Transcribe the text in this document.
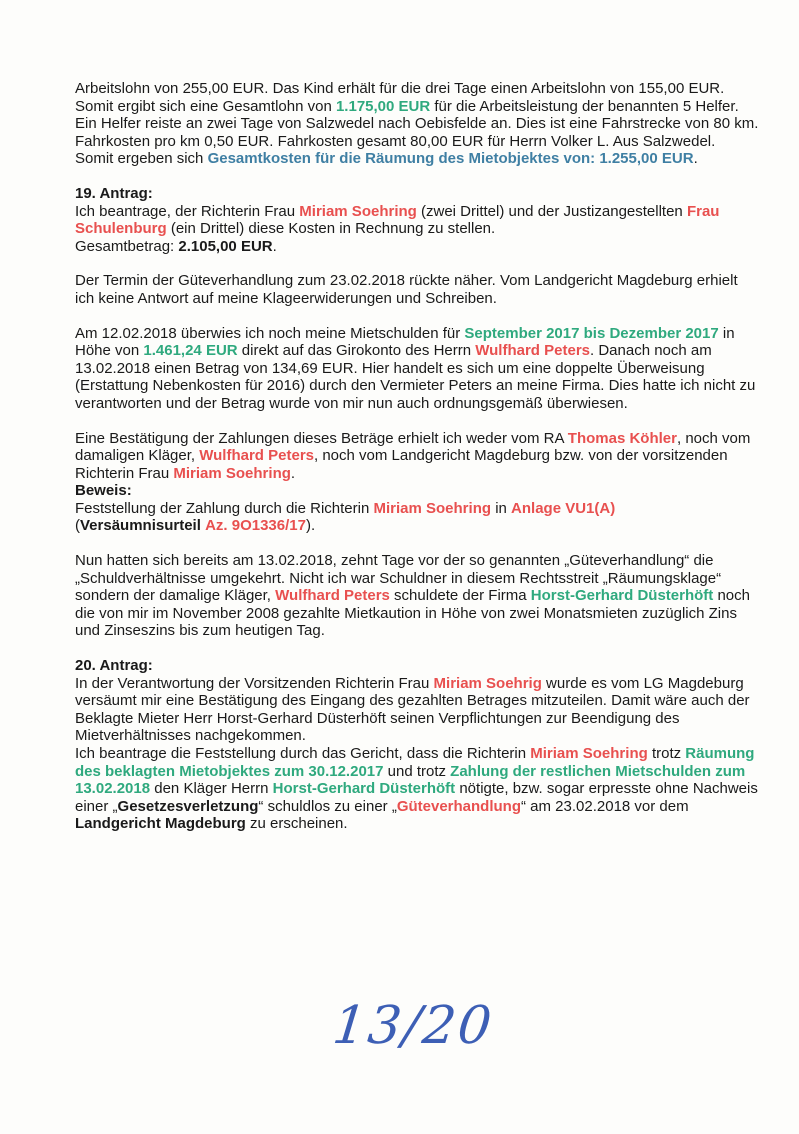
Arbeitslohn von 255,00 EUR. Das Kind erhält für die drei Tage einen Arbeitslohn von 155,00 EUR.
Somit ergibt sich eine Gesamtlohn von 1.175,00 EUR für die Arbeitsleistung der benannten 5 Helfer. Ein Helfer reiste an zwei Tage von Salzwedel nach Oebisfelde an. Dies ist eine Fahrstrecke von 80 km. Fahrkosten pro km 0,50 EUR. Fahrkosten gesamt 80,00 EUR für Herrn Volker L. Aus Salzwedel.
Somit ergeben sich Gesamtkosten für die Räumung des Mietobjektes von: 1.255,00 EUR.

19. Antrag:

Ich beantrage, der Richterin Frau Miriam Soehring (zwei Drittel) und der Justizangestellten Frau Schulenburg (ein Drittel) diese Kosten in Rechnung zu stellen.
Gesamtbetrag: 2.105,00 EUR.

Der Termin der Güteverhandlung zum 23.02.2018 rückte näher. Vom Landgericht Magdeburg erhielt ich keine Antwort auf meine Klageerwiderungen und Schreiben.

Am 12.02.2018 überwies ich noch meine Mietschulden für September 2017 bis Dezember 2017 in Höhe von 1.461,24 EUR direkt auf das Girokonto des Herrn Wulfhard Peters. Danach noch am 13.02.2018 einen Betrag von 134,69 EUR. Hier handelt es sich um eine doppelte Überweisung (Erstattung Nebenkosten für 2016) durch den Vermieter Peters an meine Firma. Dies hatte ich nicht zu verantworten und der Betrag wurde von mir nun auch ordnungsgemäß überwiesen.

Eine Bestätigung der Zahlungen dieses Beträge erhielt ich weder vom RA Thomas Köhler, noch vom damaligen Kläger, Wulfhard Peters, noch vom Landgericht Magdeburg bzw. von der vorsitzenden Richterin Frau Miriam Soehring.

Beweis:

Feststellung der Zahlung durch die Richterin Miriam Soehring in Anlage VU1(A)
(Versäumnisurteil Az. 9O1336/17).

Nun hatten sich bereits am 13.02.2018, zehnt Tage vor der so genannten „Güteverhandlung“ die „Schuldverhältnisse umgekehrt. Nicht ich war Schuldner in diesem Rechtsstreit „Räumungsklage“ sondern der damalige Kläger, Wulfhard Peters schuldete der Firma Horst-Gerhard Düsterhöft noch die von mir im November 2008 gezahlte Mietkaution in Höhe von zwei Monatsmieten zuzüglich Zins und Zinseszins bis zum heutigen Tag.

20. Antrag:

In der Verantwortung der Vorsitzenden Richterin Frau Miriam Soehrig wurde es vom LG Magdeburg versäumt mir eine Bestätigung des Eingang des gezahlten Betrages mitzuteilen. Damit wäre auch der Beklagte Mieter Herr Horst-Gerhard Düsterhöft seinen Verpflichtungen zur Beendigung des Mietverhältnisses nachgekommen.
Ich beantrage die Feststellung durch das Gericht, dass die Richterin Miriam Soehring trotz Räumung des beklagten Mietobjektes zum 30.12.2017 und trotz Zahlung der restlichen Mietschulden zum 13.02.2018 den Kläger Herrn Horst-Gerhard Düsterhöft nötigte, bzw. sogar erpresste ohne Nachweis einer „Gesetzesverletzung“ schuldlos zu einer „Güteverhandlung“ am 23.02.2018 vor dem Landgericht Magdeburg zu erscheinen.

13/20
